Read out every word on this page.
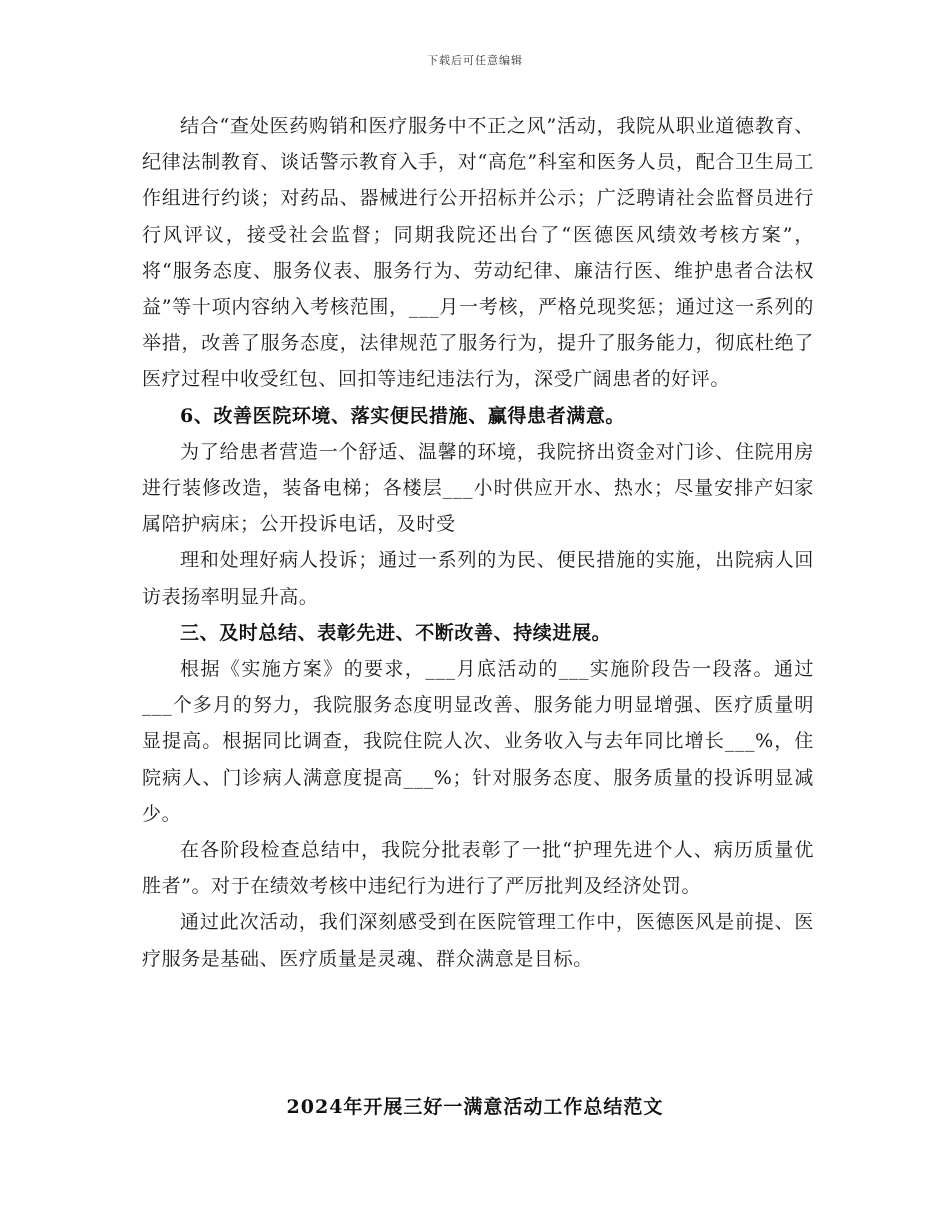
下载后可任意编辑

结合“查处医药购销和医疗服务中不正之风”活动，我院从职业道德教育、纪律法制教育、谈话警示教育入手，对“高危”科室和医务人员，配合卫生局工作组进行约谈；对药品、器械进行公开招标并公示；广泛聘请社会监督员进行行风评议，接受社会监督；同期我院还出台了“医德医风绩效考核方案”，将“服务态度、服务仪表、服务行为、劳动纪律、廉洁行医、维护患者合法权益”等十项内容纳入考核范围，___月一考核，严格兑现奖惩；通过这一系列的举措，改善了服务态度，法律规范了服务行为，提升了服务能力，彻底杜绝了医疗过程中收受红包、回扣等违纪违法行为，深受广阔患者的好评。

6、改善医院环境、落实便民措施、赢得患者满意。

为了给患者营造一个舒适、温馨的环境，我院挤出资金对门诊、住院用房进行装修改造，装备电梯；各楼层___小时供应开水、热水；尽量安排产妇家属陪护病床；公开投诉电话，及时受

理和处理好病人投诉；通过一系列的为民、便民措施的实施，出院病人回访表扬率明显升高。

三、及时总结、表彰先进、不断改善、持续进展。

根据《实施方案》的要求，___月底活动的___实施阶段告一段落。通过___个多月的努力，我院服务态度明显改善、服务能力明显增强、医疗质量明显提高。根据同比调查，我院住院人次、业务收入与去年同比增长___%，住院病人、门诊病人满意度提高___%；针对服务态度、服务质量的投诉明显减少。

在各阶段检查总结中，我院分批表彰了一批“护理先进个人、病历质量优胜者”。对于在绩效考核中违纪行为进行了严厉批判及经济处罚。

通过此次活动，我们深刻感受到在医院管理工作中，医德医风是前提、医疗服务是基础、医疗质量是灵魂、群众满意是目标。

2024年开展三好一满意活动工作总结范文
